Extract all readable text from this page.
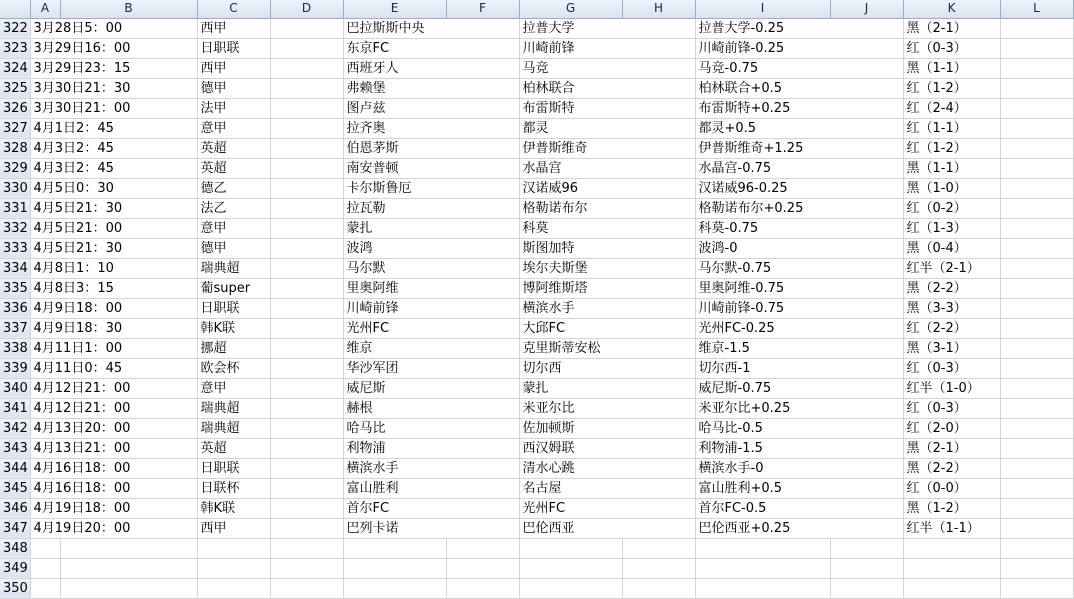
	A	B	C	D	E	F	G	H	I	J	K	L
322	3月28日5：00		西甲		巴拉斯斯中央		拉普大学		拉普大学-0.25		黑（2-1）	
323	3月29日16：00		日职联		东京FC		川崎前锋		川崎前锋-0.25		红（0-3）	
324	3月29日23：15		西甲		西班牙人		马竞		马竞-0.75		黑（1-1）	
325	3月30日21：30		德甲		弗赖堡		柏林联合		柏林联合+0.5		红（1-2）	
326	3月30日21：00		法甲		图卢兹		布雷斯特		布雷斯特+0.25		红（2-4）	
327	4月1日2：45		意甲		拉齐奥		都灵		都灵+0.5		红（1-1）	
328	4月3日2：45		英超		伯恩茅斯		伊普斯维奇		伊普斯维奇+1.25		红（1-2）	
329	4月3日2：45		英超		南安普顿		水晶宫		水晶宫-0.75		黑（1-1）	
330	4月5日0：30		德乙		卡尔斯鲁厄		汉诺威96		汉诺威96-0.25		黑（1-0）	
331	4月5日21：30		法乙		拉瓦勒		格勒诺布尔		格勒诺布尔+0.25		红（0-2）	
332	4月5日21：00		意甲		蒙扎		科莫		科莫-0.75		红（1-3）	
333	4月5日21：30		德甲		波鸿		斯图加特		波鸿-0		黑（0-4）	
334	4月8日1：10		瑞典超		马尔默		埃尔夫斯堡		马尔默-0.75		红半（2-1）	
335	4月8日3：15		葡super		里奥阿维		博阿维斯塔		里奥阿维-0.75		黑（2-2）	
336	4月9日18：00		日职联		川崎前锋		横滨水手		川崎前锋-0.75		黑（3-3）	
337	4月9日18：30		韩K联		光州FC		大邱FC		光州FC-0.25		红（2-2）	
338	4月11日1：00		挪超		维京		克里斯蒂安松		维京-1.5		黑（3-1）	
339	4月11日0：45		欧会杯		华沙军团		切尔西		切尔西-1		红（0-3）	
340	4月12日21：00		意甲		威尼斯		蒙扎		威尼斯-0.75		红半（1-0）	
341	4月12日21：00		瑞典超		赫根		米亚尔比		米亚尔比+0.25		红（0-3）	
342	4月13日20：00		瑞典超		哈马比		佐加顿斯		哈马比-0.5		红（2-0）	
343	4月13日21：00		英超		利物浦		西汉姆联		利物浦-1.5		黑（2-1）	
344	4月16日18：00		日职联		横滨水手		清水心跳		横滨水手-0		黑（2-2）	
345	4月16日18：00		日联杯		富山胜利		名古屋		富山胜利+0.5		红（0-0）	
346	4月19日18：00		韩K联		首尔FC		光州FC		首尔FC-0.5		黑（1-2）	
347	4月19日20：00		西甲		巴列卡诺		巴伦西亚		巴伦西亚+0.25		红半（1-1）	
348												
349												
350												
